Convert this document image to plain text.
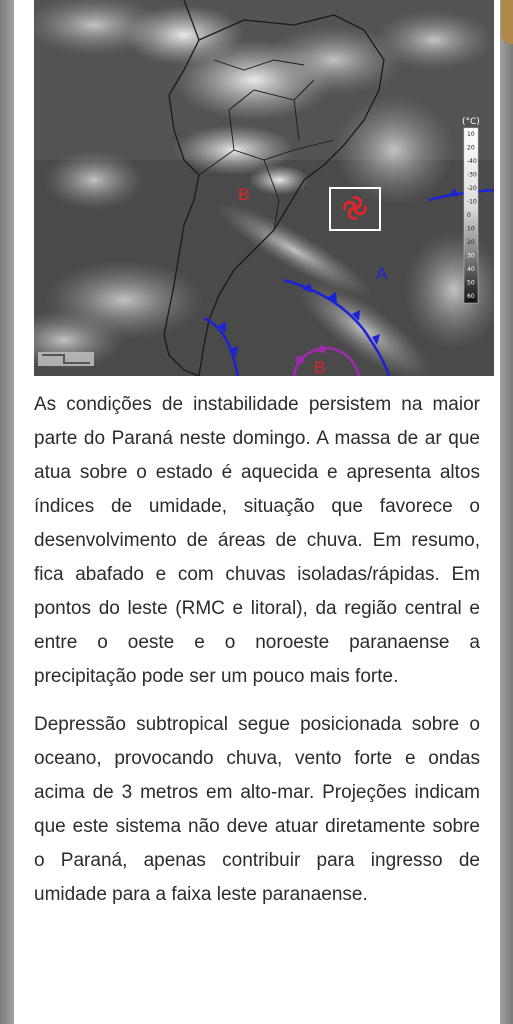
B
A
B
(°C)
10
20
-40
-30
-20
-10
0
10
20
30
40
50
60

As condições de instabilidade persistem na maior parte do Paraná neste domingo. A massa de ar que atua sobre o estado é aquecida e apresenta altos índices de umidade, situação que favorece o desenvolvimento de áreas de chuva. Em resumo, fica abafado e com chuvas isoladas/rápidas. Em pontos do leste (RMC e litoral), da região central e entre o oeste e o noroeste paranaense a precipitação pode ser um pouco mais forte.

Depressão subtropical segue posicionada sobre o oceano, provocando chuva, vento forte e ondas acima de 3 metros em alto-mar. Projeções indicam que este sistema não deve atuar diretamente sobre o Paraná, apenas contribuir para ingresso de umidade para a faixa leste paranaense.
